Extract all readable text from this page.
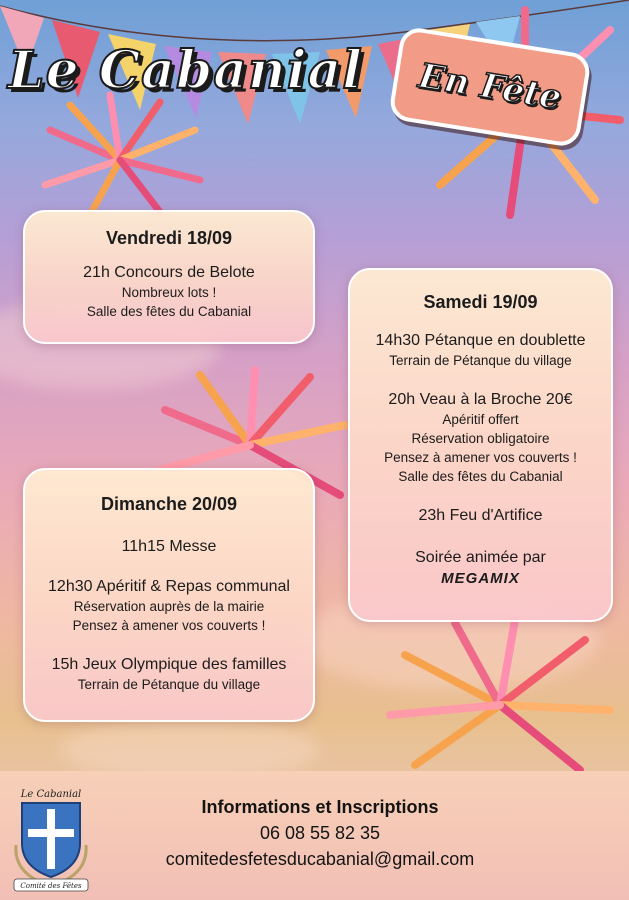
Le Cabanial En Fête
Vendredi 18/09

21h Concours de Belote

Nombreux lots !

Salle des fêtes du Cabanial	Samedi 19/09

14h30 Pétanque en doublette

Terrain de Pétanque du village

20h Veau à la Broche 20€

Apéritif offert

Réservation obligatoire

Pensez à amener vos couverts !

Salle des fêtes du Cabanial

23h Feu d'Artifice

Soirée animée par

MEGAMIX

Dimanche 20/09

11h15 Messe

12h30 Apéritif & Repas communal

Réservation auprès de la mairie

Pensez à amener vos couverts !

15h Jeux Olympique des familles

Terrain de Pétanque du village

Le Cabanial
Comité des Fêtes
Informations et Inscriptions
06 08 55 82 35
comitedesfetesducabanial@gmail.com
